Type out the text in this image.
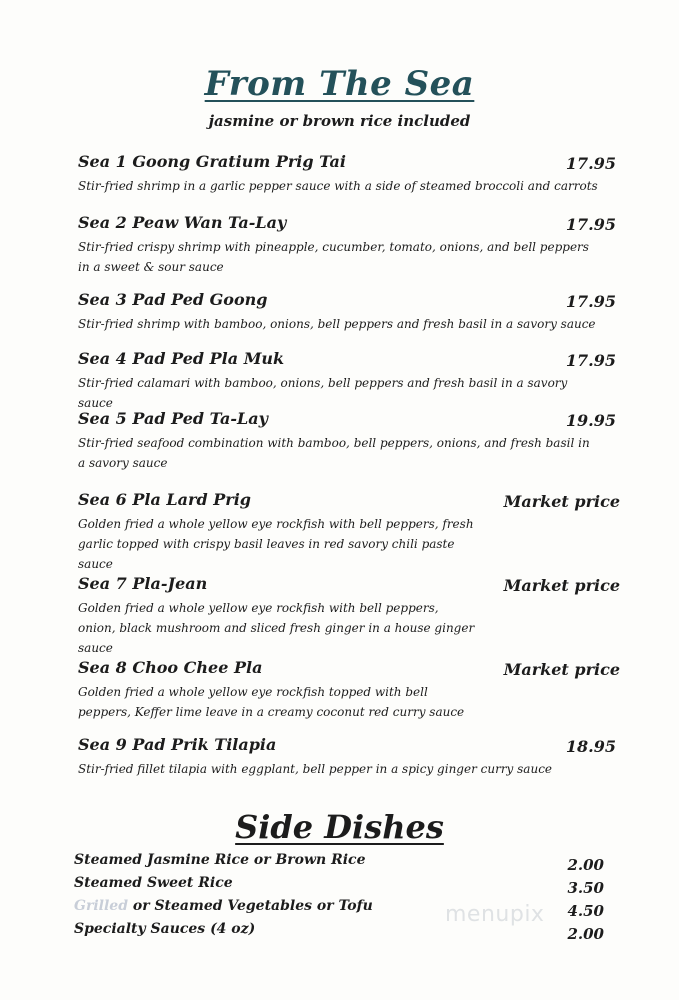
From The Sea
jasmine or brown rice included
Sea 1 Goong Gratium Prig Tai	17.95
Stir-fried shrimp in a garlic pepper sauce with a side of steamed broccoli and carrots
Sea 2 Peaw Wan Ta-Lay	17.95
Stir-fried crispy shrimp with pineapple, cucumber, tomato, onions, and bell peppers in a sweet & sour sauce
Sea 3 Pad Ped Goong	17.95
Stir-fried shrimp with bamboo, onions, bell peppers and fresh basil in a savory sauce
Sea 4 Pad Ped Pla Muk	17.95
Stir-fried calamari with bamboo, onions, bell peppers and fresh basil in a savory sauce
Sea 5 Pad Ped Ta-Lay	19.95
Stir-fried seafood combination with bamboo, bell peppers, onions, and fresh basil in a savory sauce
Sea 6 Pla Lard Prig	Market price
Golden fried a whole yellow eye rockfish with bell peppers, fresh garlic topped with crispy basil leaves in red savory chili paste sauce
Sea 7 Pla-Jean	Market price
Golden fried a whole yellow eye rockfish with bell peppers, onion, black mushroom and sliced fresh ginger in a house ginger sauce
Sea 8 Choo Chee Pla	Market price
Golden fried a whole yellow eye rockfish topped with bell peppers, Keffer lime leave in a creamy coconut red curry sauce
Sea 9 Pad Prik Tilapia	18.95
Stir-fried fillet tilapia with eggplant, bell pepper in a spicy ginger curry sauce
Side Dishes
Steamed Jasmine Rice or Brown Rice	2.00
Steamed Sweet Rice	3.50
Grilled or Steamed Vegetables or Tofu	4.50
Specialty Sauces (4 oz)	2.00
menupix
